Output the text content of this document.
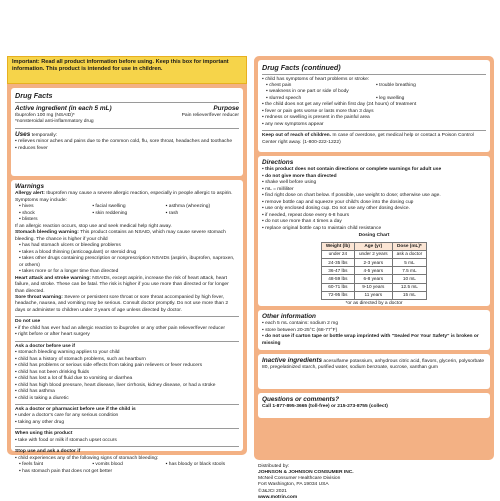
Important: Read all product information before using. Keep this box for important information. This product is intended for use in children.
Drug Facts
Active ingredient (in each 5 mL)	Purpose
Ibuprofen 100 mg (NSAID)*	Pain reliever/fever reducer
*nonsteroidal anti-inflammatory drug
Uses temporarily:
▪ relieves minor aches and pains due to the common cold, flu, sore throat, headaches and toothache
▪ reduces fever
Warnings
Allergy alert: Ibuprofen may cause a severe allergic reaction, especially in people allergic to aspirin. Symptoms may include:
▪ hives	▪ facial swelling	▪ asthma (wheezing)
▪ shock	▪ skin reddening	▪ rash
▪ blisters
If an allergic reaction occurs, stop use and seek medical help right away.
Stomach bleeding warning: This product contains an NSAID, which may cause severe stomach bleeding. The chance is higher if your child
▪ has had stomach ulcers or bleeding problems
▪ takes a blood thinning (anticoagulant) or steroid drug
▪ takes other drugs containing prescription or nonprescription NSAIDs (aspirin, ibuprofen, naproxen, or others)
▪ takes more or for a longer time than directed
Heart attack and stroke warning: NSAIDs, except aspirin, increase the risk of heart attack, heart failure, and stroke. These can be fatal. The risk is higher if you use more than directed or for longer than directed.
Sore throat warning: Severe or persistent sore throat or sore throat accompanied by high fever, headache, nausea, and vomiting may be serious. Consult doctor promptly. Do not use more than 2 days or administer to children under 3 years of age unless directed by doctor.
Do not use
▪ if the child has ever had an allergic reaction to ibuprofen or any other pain reliever/fever reducer
▪ right before or after heart surgery
Ask a doctor before use if
▪ stomach bleeding warning applies to your child
▪ child has a history of stomach problems, such as heartburn
▪ child has problems or serious side effects from taking pain relievers or fever reducers
▪ child has not been drinking fluids
▪ child has lost a lot of fluid due to vomiting or diarrhea
▪ child has high blood pressure, heart disease, liver cirrhosis, kidney disease, or had a stroke
▪ child has asthma
▪ child is taking a diuretic
Ask a doctor or pharmacist before use if the child is
▪ under a doctor's care for any serious condition
▪ taking any other drug
When using this product
▪ take with food or milk if stomach upset occurs
Stop use and ask a doctor if
▪ child experiences any of the following signs of stomach bleeding:
▪ feels faint	▪ vomits blood	▪ has bloody or black stools
▪ has stomach pain that does not get better
Drug Facts (continued)
▪ child has symptoms of heart problems or stroke:
▪ chest pain	▪ trouble breathing
▪ weakness in one part or side of body
▪ slurred speech	▪ leg swelling
▪ the child does not get any relief within first day (24 hours) of treatment
▪ fever or pain gets worse or lasts more than 3 days
▪ redness or swelling is present in the painful area
▪ any new symptoms appear
Keep out of reach of children. In case of overdose, get medical help or contact a Poison Control Center right away. (1-800-222-1222)
Directions
▪ this product does not contain directions or complete warnings for adult use
▪ do not give more than directed
▪ shake well before using
▪ mL = milliliter
▪ find right dose on chart below. If possible, use weight to dose; otherwise use age.
▪ remove bottle cap and squeeze your child's dose into the dosing cup
▪ use only enclosed dosing cup. Do not use any other dosing device.
▪ if needed, repeat dose every 6-8 hours
▪ do not use more than 4 times a day
▪ replace original bottle cap to maintain child resistance
Dosing Chart
Weight (lb)	Age (yr)	Dose (mL)*
under 24	under 2 years	ask a doctor
24-35 lbs	2-3 years	5 mL
36-47 lbs	4-5 years	7.5 mL
48-59 lbs	6-8 years	10 mL
60-71 lbs	9-10 years	12.5 mL
72-95 lbs	11 years	15 mL
*or as directed by a doctor
Other information
▪ each 5 mL contains: sodium 2 mg
▪ store between 20-25°C (68-77°F)
▪ do not use if carton tape or bottle wrap imprinted with "Sealed For Your Safety" is broken or missing
Inactive ingredients acesulfame potassium, anhydrous citric acid, flavors, glycerin, polysorbate 80, pregelatinized starch, purified water, sodium benzoate, sucrose, xanthan gum
Questions or comments?
Call 1-877-895-3665 (toll-free) or 215-273-8755 (collect)
Distributed by:
JOHNSON & JOHNSON CONSUMER INC.
McNeil Consumer Healthcare Division
Fort Washington, PA 19034 USA
©J&JCI 2021
www.motrin.com
